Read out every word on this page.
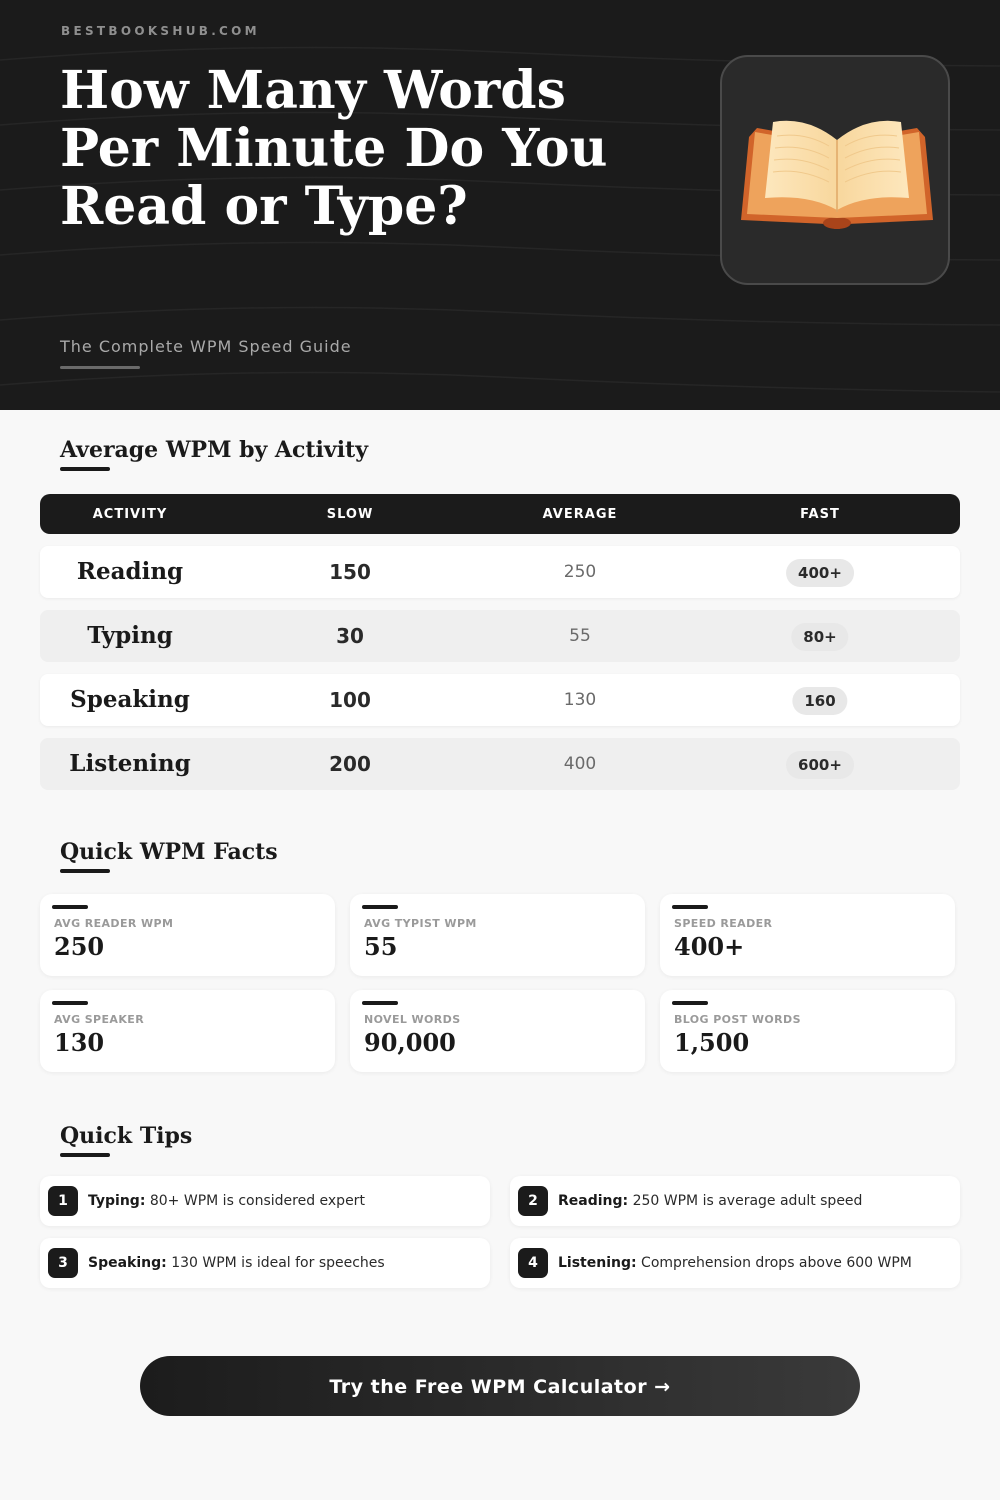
BESTBOOKSHUB.COM
How Many Words Per Minute Do You Read or Type?
The Complete WPM Speed Guide
Average WPM by Activity
ACTIVITY	SLOW	AVERAGE	FAST
Reading	150	250	400+
Typing	30	55	80+
Speaking	100	130	160
Listening	200	400	600+
Quick WPM Facts
AVG READER WPM
250
AVG TYPIST WPM
55
SPEED READER
400+
AVG SPEAKER
130
NOVEL WORDS
90,000
BLOG POST WORDS
1,500
Quick Tips
1	Typing: 80+ WPM is considered expert	2	Reading: 250 WPM is average adult speed
3	Speaking: 130 WPM is ideal for speeches	4	Listening: Comprehension drops above 600 WPM
Try the Free WPM Calculator →
